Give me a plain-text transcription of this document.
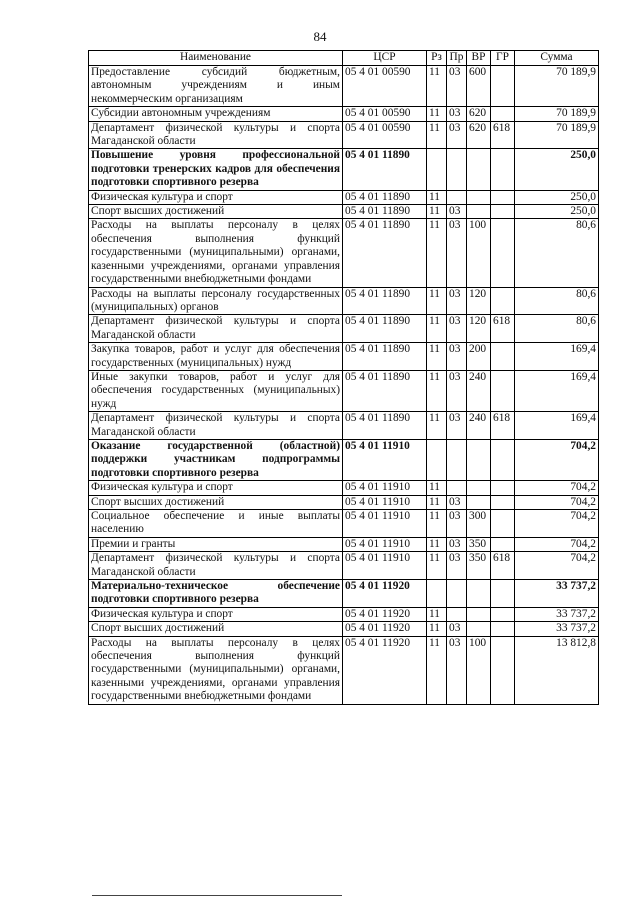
84
Наименование	ЦСР	Рз	Пр	ВР	ГР	Сумма
Предоставление субсидий бюджетным, автономным учреждениям и иным некоммерческим организациям	05 4 01 00590	11	03	600		70 189,9
Субсидии автономным учреждениям	05 4 01 00590	11	03	620		70 189,9
Департамент физической культуры и спорта Магаданской области	05 4 01 00590	11	03	620	618	70 189,9
Повышение уровня профессиональной подготовки тренерских кадров для обеспечения подготовки спортивного резерва	05 4 01 11890					250,0
Физическая культура и спорт	05 4 01 11890	11				250,0
Спорт высших достижений	05 4 01 11890	11	03			250,0
Расходы на выплаты персоналу в целях обеспечения выполнения функций государственными (муниципальными) органами, казенными учреждениями, органами управления государственными внебюджетными фондами	05 4 01 11890	11	03	100		80,6
Расходы на выплаты персоналу государственных (муниципальных) органов	05 4 01 11890	11	03	120		80,6
Департамент физической культуры и спорта Магаданской области	05 4 01 11890	11	03	120	618	80,6
Закупка товаров, работ и услуг для обеспечения государственных (муниципальных) нужд	05 4 01 11890	11	03	200		169,4
Иные закупки товаров, работ и услуг для обеспечения государственных (муниципальных) нужд	05 4 01 11890	11	03	240		169,4
Департамент физической культуры и спорта Магаданской области	05 4 01 11890	11	03	240	618	169,4
Оказание государственной (областной) поддержки участникам подпрограммы подготовки спортивного резерва	05 4 01 11910					704,2
Физическая культура и спорт	05 4 01 11910	11				704,2
Спорт высших достижений	05 4 01 11910	11	03			704,2
Социальное обеспечение и иные выплаты населению	05 4 01 11910	11	03	300		704,2
Премии и гранты	05 4 01 11910	11	03	350		704,2
Департамент физической культуры и спорта Магаданской области	05 4 01 11910	11	03	350	618	704,2
Материально-техническое обеспечение подготовки спортивного резерва	05 4 01 11920					33 737,2
Физическая культура и спорт	05 4 01 11920	11				33 737,2
Спорт высших достижений	05 4 01 11920	11	03			33 737,2
Расходы на выплаты персоналу в целях обеспечения выполнения функций государственными (муниципальными) органами, казенными учреждениями, органами управления государственными внебюджетными фондами	05 4 01 11920	11	03	100		13 812,8
